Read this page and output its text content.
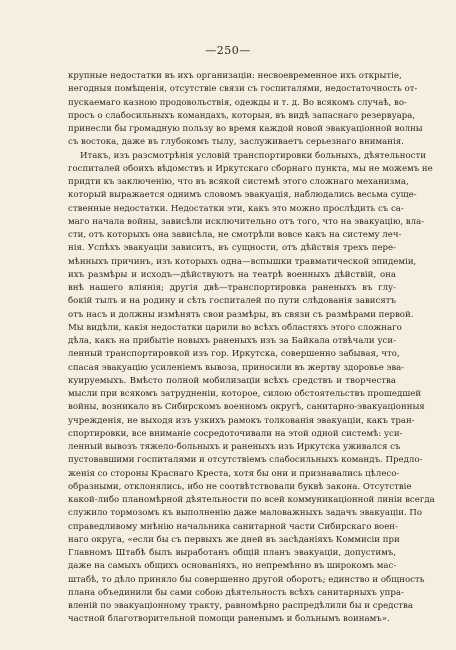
—250—
крупные недостатки въ ихъ организаціи: несвоевременное ихъ открытіе,
негодныя помѣщенія, отсутствіе связи съ госпиталями, недостаточность от-
пускаемаго казною продовольствія, одежды и т. д. Во всякомъ случаѣ, во-
просъ о слабосильныхъ командахъ, которыя, въ видѣ запаснаго резервуара,
принесли бы громадную пользу во время каждой новой эвакуаціонной волны
съ востока, даже въ глубокомъ тылу, заслуживаетъ серьезнаго вниманія.
Итакъ, изъ разсмотрѣнія условій транспортировки больныхъ, дѣятельности
госпиталей обоихъ вѣдомствъ и Иркутскаго сборнаго пункта, мы не можемъ не
придти къ заключенію, что въ всякой системѣ этого сложнаго механизма,
который выражается однимъ словомъ эвакуація, наблюдались весьма суще-
ственные недостатки. Недостатки эти, какъ это можно прослѣдить съ са-
маго начала войны, зависѣли исключительно отъ того, что на эвакуацію, вла-
сти, отъ которыхъ она зависѣла, не смотрѣли вовсе какъ на систему леч-
нія. Успѣхъ эвакуаціи зависитъ, въ сущности, отъ дѣйствія трехъ пере-
мѣнныхъ причинъ, изъ которыхъ одна—вспышки травматической эпидеміи,
ихъ размѣры и исходъ—дѣйствуютъ на театрѣ военныхъ дѣйствій, она
внѣ нашего вліянія; другія двѣ—транспортировка раненыхъ въ глу-
бокій тылъ и на родину и сѣть госпиталей по пути слѣдованія зависятъ
отъ насъ и должны измѣнять свои размѣры, въ связи съ размѣрами первой.
Мы видѣли, какія недостатки царили во всѣхъ областяхъ этого сложнаго
дѣла, какъ на прибытіе новыхъ раненыхъ изъ за Байкала отвѣчали уси-
ленный транспортировкой изъ гор. Иркутска, совершенно забывая, что,
спасая эвакуацію усиленіемъ вывоза, приносили въ жертву здоровье эва-
куируемыхъ. Вмѣсто полной мобилизаціи всѣхъ средствъ и творчества
мысли при всякомъ затрудненіи, которое, силою обстоятельствъ прошедшей
войны, возникало въ Сибирскомъ военномъ округѣ, санитарно-эвакуаціонныя
учрежденія, не выходя изъ узкихъ рамокъ толкованія эвакуаціи, какъ тран-
спортировки, все вниманіе сосредоточивали на этой одной системѣ: уси-
ленный вывозъ тяжело-больныхъ и раненыхъ изъ Иркутска уживался съ
пустовавшими госпиталями и отсутствіемъ слабосильныхъ командъ. Предло-
женія со стороны Краснаго Креста, хотя бы они и признавались цѣлесо-
образными, отклонялись, ибо не соотвѣтствовали буквѣ закона. Отсутствіе
какой-либо планомѣрной дѣятельности по всей коммуникаціонной линіи всегда
служило тормозомъ къ выполненію даже маловажныхъ задачъ эвакуаціи. По
справедливому мнѣнію начальника санитарной части Сибирскаго воен-
наго округа, «если бы съ первыхъ же дней въ засѣданіяхъ Коммисіи при
Главномъ Штабѣ былъ выработанъ общій планъ эвакуаціи, допустимъ,
даже на самыхъ общихъ основаніяхъ, но непремѣнно въ широкомъ мас-
штабѣ, то дѣло приняло бы совершенно другой оборотъ; единство и общность
плана объединили бы сами собою дѣятельность всѣхъ санитарныхъ упра-
вленій по эвакуаціонному тракту, равномѣрно распредѣлили бы и средства
частной благотворительной помощи раненымъ и больнымъ воинамъ».
